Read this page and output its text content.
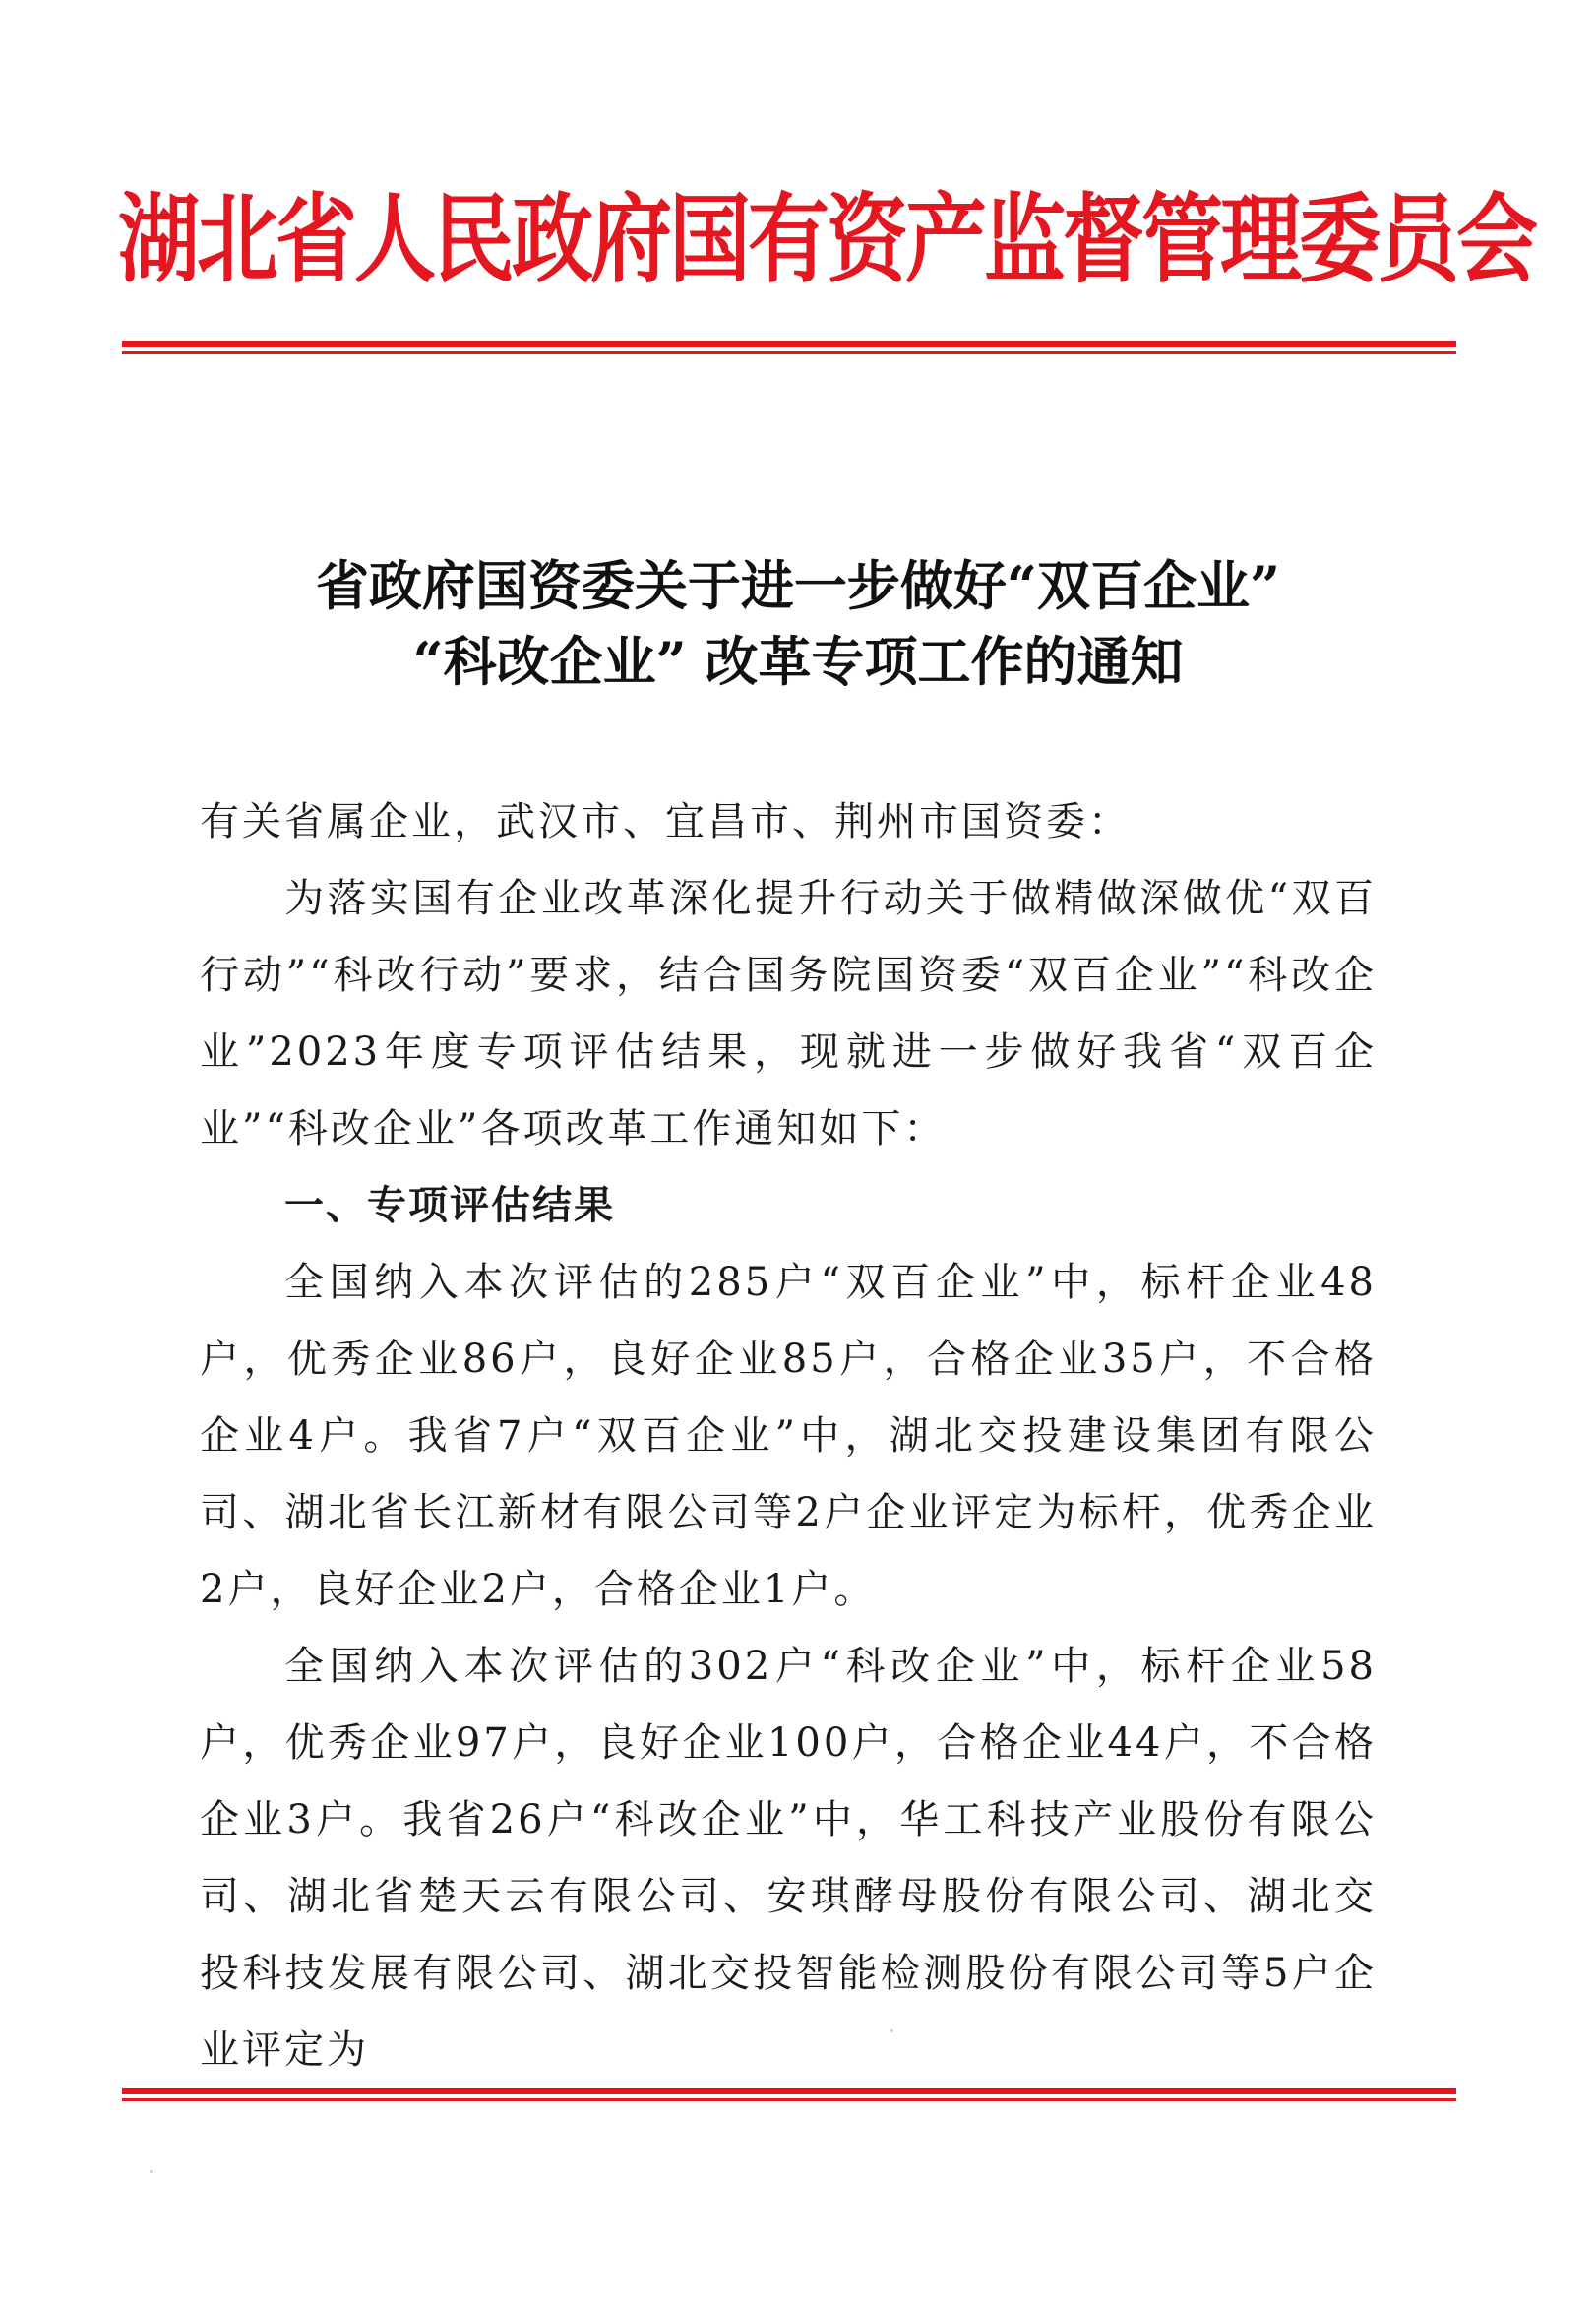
湖北省人民政府国有资产监督管理委员会
省政府国资委关于进一步做好“双百企业”
“科改企业” 改革专项工作的通知

有关省属企业，武汉市、宜昌市、荆州市国资委：

为落实国有企业改革深化提升行动关于做精做深做优“双百行动”“科改行动”要求，结合国务院国资委“双百企业”“科改企业”2023年度专项评估结果，现就进一步做好我省“双百企业”“科改企业”各项改革工作通知如下：

一、专项评估结果

全国纳入本次评估的285户“双百企业”中，标杆企业48户，优秀企业86户，良好企业85户，合格企业35户，不合格企业4户。我省7户“双百企业”中，湖北交投建设集团有限公司、湖北省长江新材有限公司等2户企业评定为标杆，优秀企业2户，良好企业2户，合格企业1户。

全国纳入本次评估的302户“科改企业”中，标杆企业58户，优秀企业97户，良好企业100户，合格企业44户，不合格企业3户。我省26户“科改企业”中，华工科技产业股份有限公司、湖北省楚天云有限公司、安琪酵母股份有限公司、湖北交投科技发展有限公司、湖北交投智能检测股份有限公司等5户企业评定为
